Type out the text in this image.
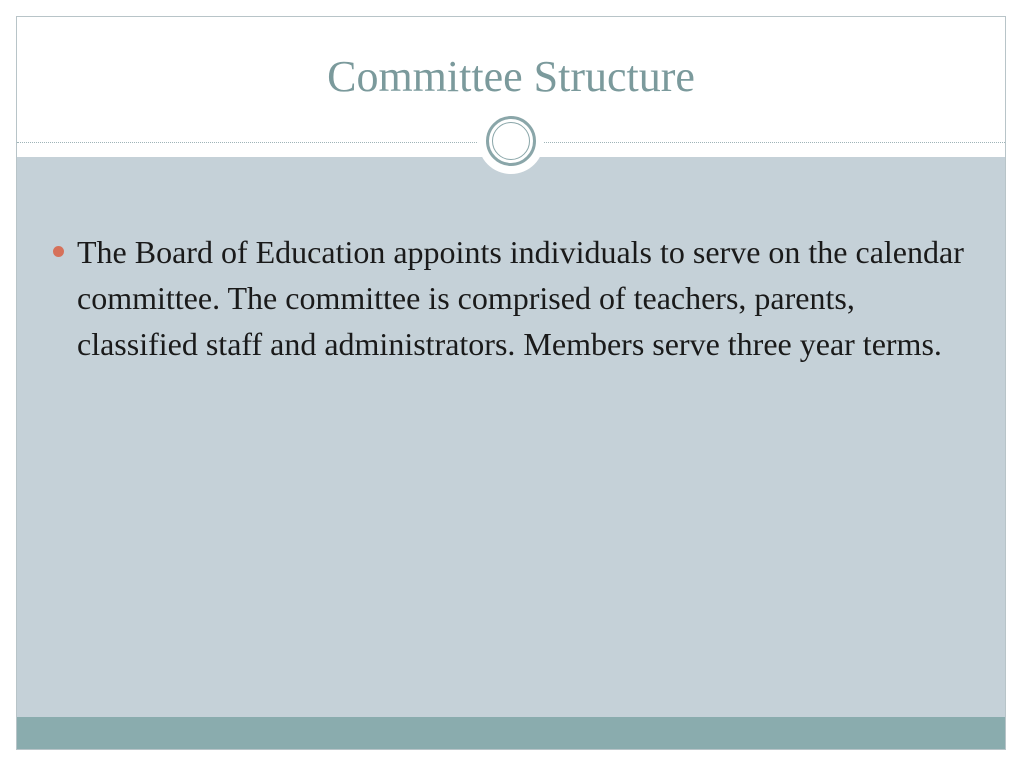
Committee Structure
The Board of Education appoints individuals to serve on the calendar committee. The committee is comprised of teachers, parents, classified staff and administrators. Members serve three year terms.
